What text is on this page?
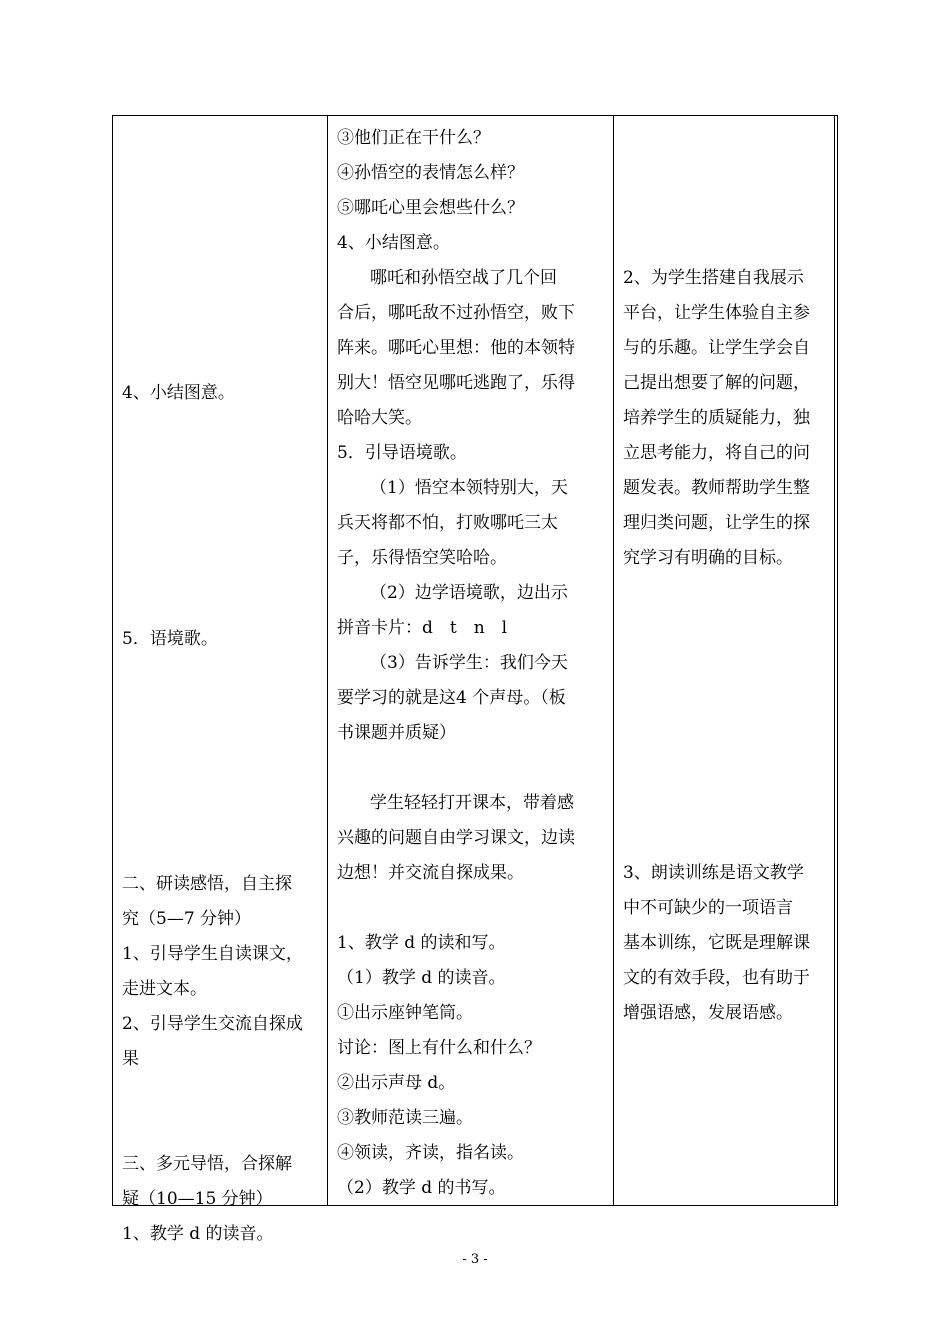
4、小结图意。
5．语境歌。
二、研读感悟，自主探
究（5—7 分钟）
1、引导学生自读课文，
走进文本。
2、引导学生交流自探成
果
三、多元导悟，合探解
疑（10—15 分钟）
1、教学 d 的读音。
③他们正在干什么？
④孙悟空的表情怎么样？
⑤哪吒心里会想些什么？
4、小结图意。
哪吒和孙悟空战了几个回
合后，哪吒敌不过孙悟空，败下
阵来。哪吒心里想：他的本领特
别大！悟空见哪吒逃跑了，乐得
哈哈大笑。
5．引导语境歌。
（1）悟空本领特别大，天
兵天将都不怕，打败哪吒三太
子，乐得悟空笑哈哈。
（2）边学语境歌，边出示
拼音卡片：d　t　n　l
（3）告诉学生：我们今天
要学习的就是这4 个声母。（板
书课题并质疑）
学生轻轻打开课本，带着感
兴趣的问题自由学习课文，边读
边想！并交流自探成果。
1、教学 d 的读和写。
（1）教学 d 的读音。
①出示座钟笔筒。
讨论：图上有什么和什么？
②出示声母 d。
③教师范读三遍。
④领读，齐读，指名读。
（2）教学 d 的书写。
2、为学生搭建自我展示
平台，让学生体验自主参
与的乐趣。让学生学会自
己提出想要了解的问题，
培养学生的质疑能力，独
立思考能力，将自己的问
题发表。教师帮助学生整
理归类问题，让学生的探
究学习有明确的目标。
3、朗读训练是语文教学
中不可缺少的一项语言
基本训练，它既是理解课
文的有效手段，也有助于
增强语感，发展语感。
- 3 -
